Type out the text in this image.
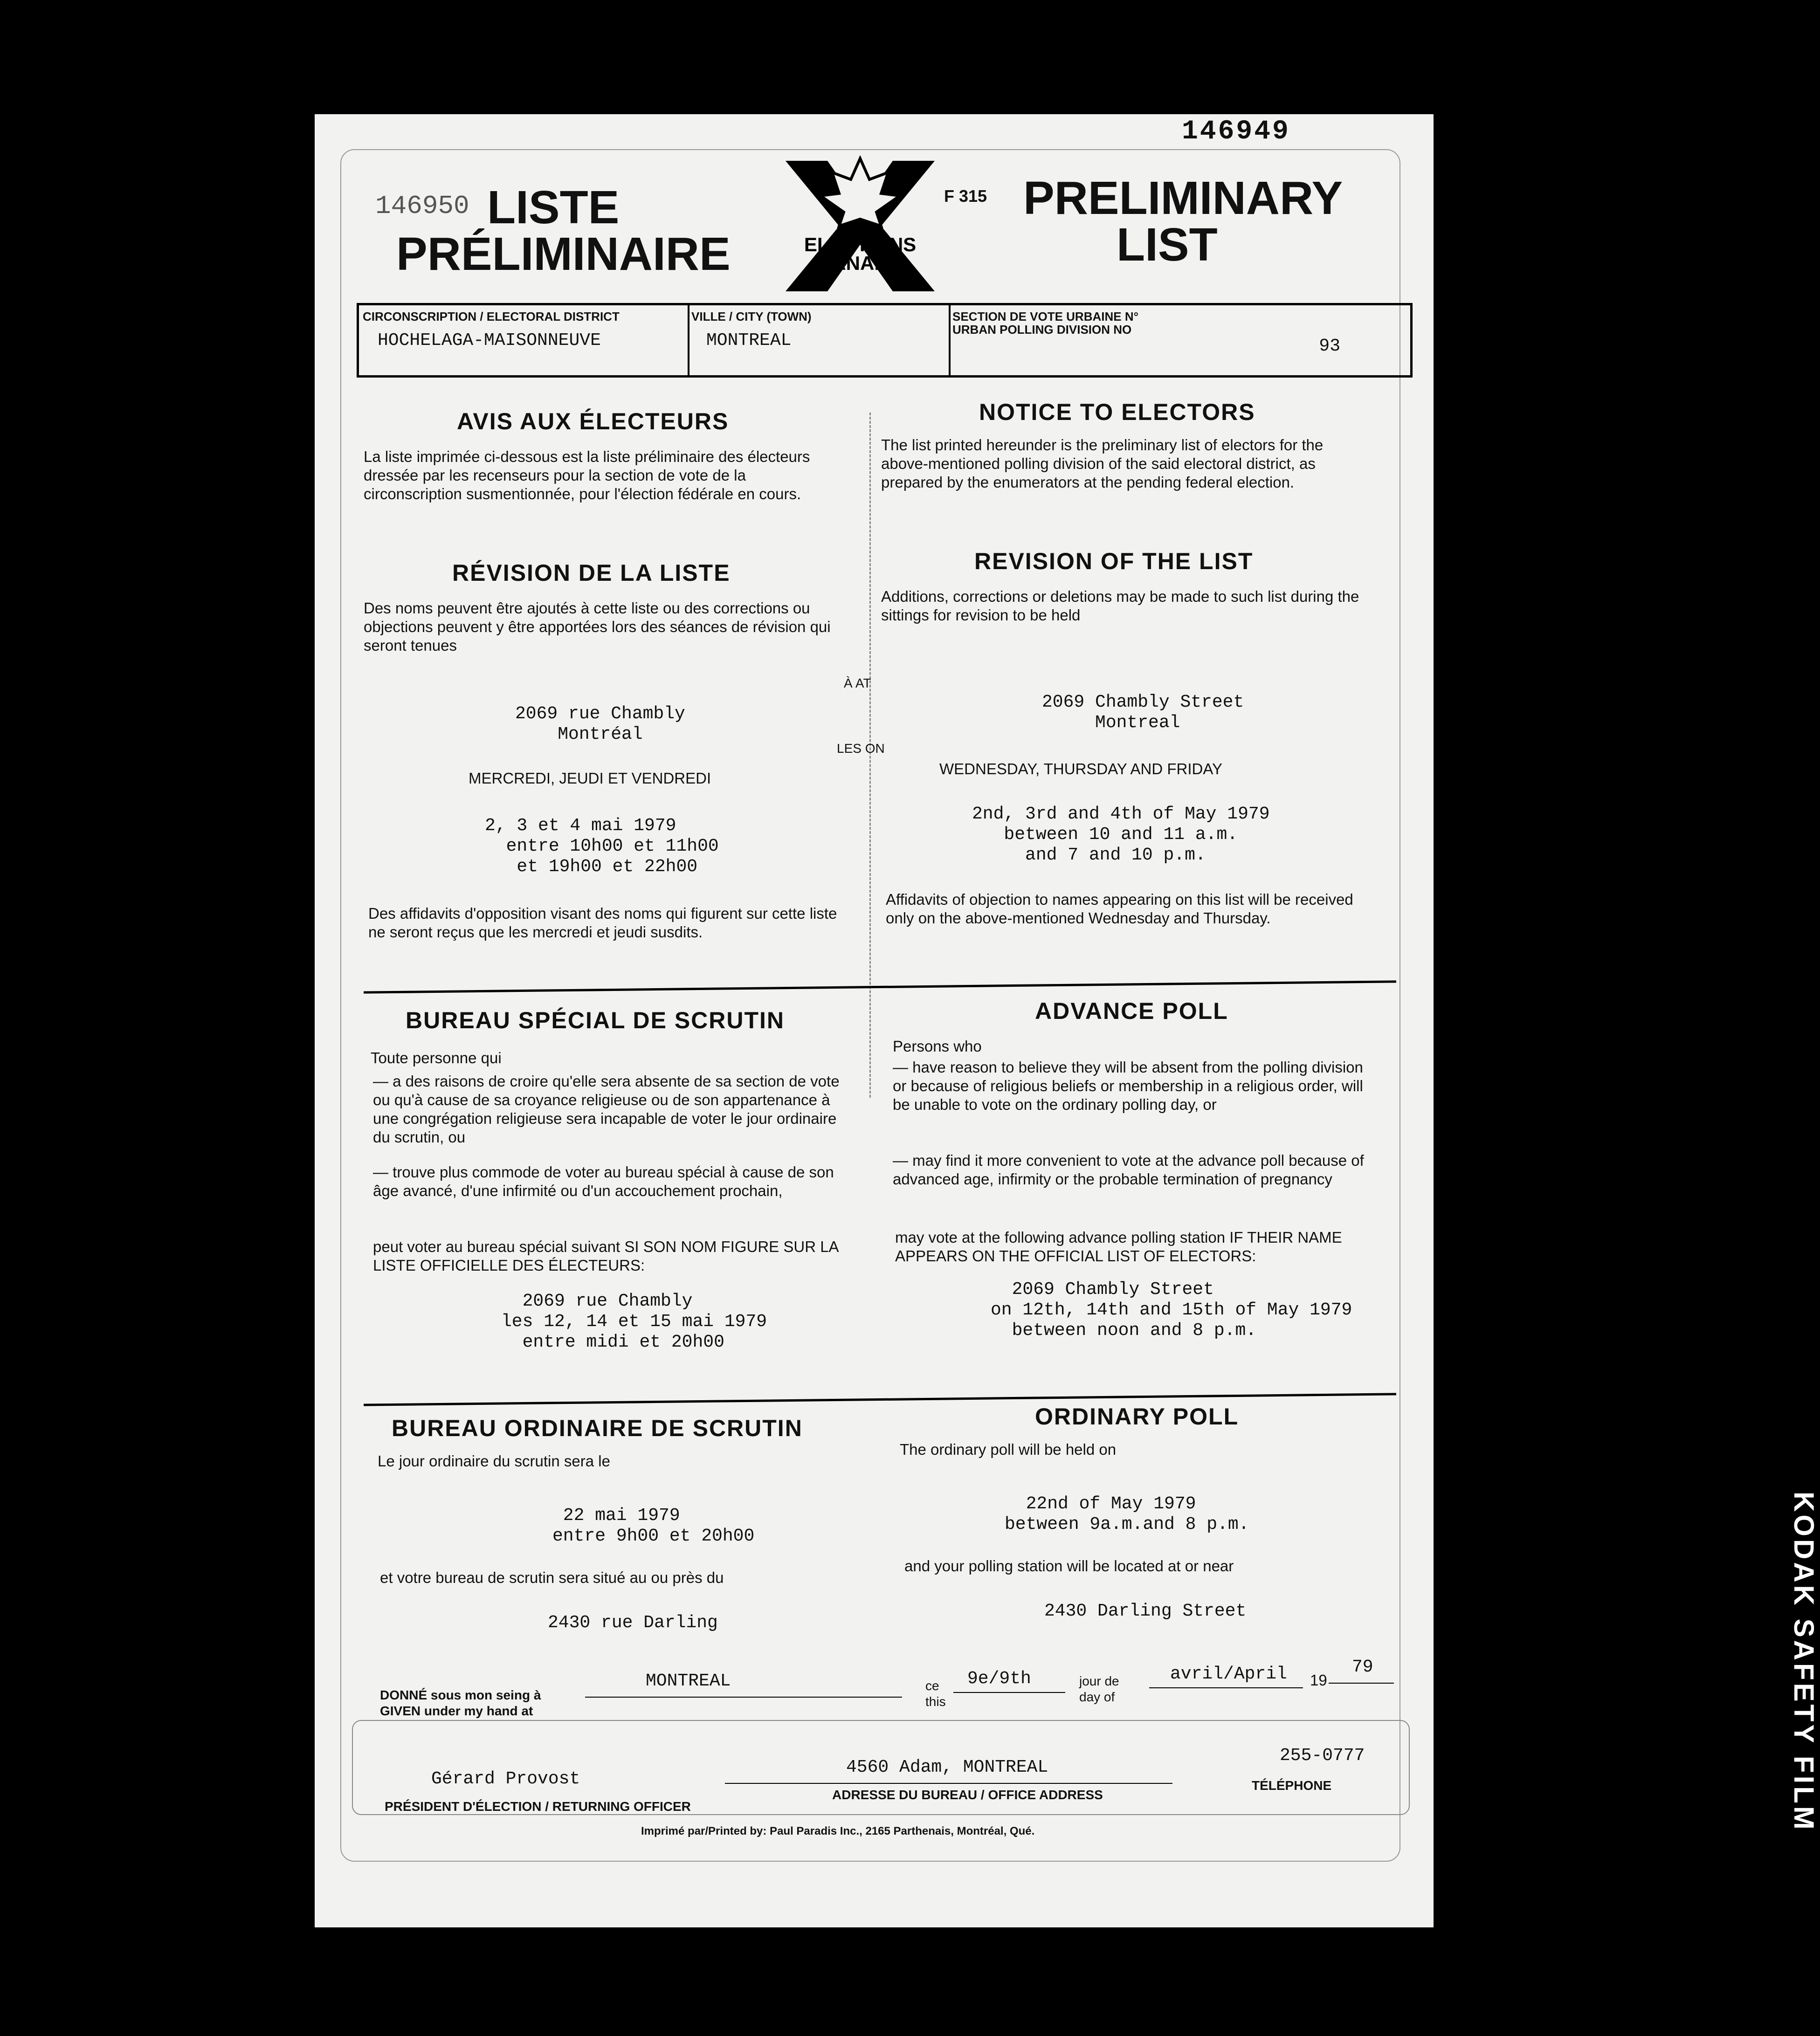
KODAK SAFETY FILM
146949
146950 LISTE
PRÉLIMINAIRE	ELECTIONS
CANADA
F 315 PRELIMINARY
LIST
CIRCONSCRIPTION / ELECTORAL DISTRICT
HOCHELAGA-MAISONNEUVE
VILLE / CITY (TOWN)
MONTREAL
SECTION DE VOTE URBAINE N°
URBAN POLLING DIVISION NO
93
AVIS AUX ÉLECTEURS	NOTICE TO ELECTORS
La liste imprimée ci-dessous est la liste préliminaire des électeurs dressée par les recenseurs pour la section de vote de la circonscription susmentionnée, pour l'élection fédérale en cours.
The list printed hereunder is the preliminary list of electors for the above-mentioned polling division of the said electoral district, as prepared by the enumerators at the pending federal election.
RÉVISION DE LA LISTE	REVISION OF THE LIST
Des noms peuvent être ajoutés à cette liste ou des corrections ou objections peuvent y être apportées lors des séances de révision qui seront tenues
Additions, corrections or deletions may be made to such list during the sittings for revision to be held
À AT
LES ON
2069 rue Chambly
Montréal
2069 Chambly Street
Montreal
MERCREDI, JEUDI ET VENDREDI
WEDNESDAY, THURSDAY AND FRIDAY
2, 3 et 4 mai 1979
entre 10h00 et 11h00
et 19h00 et 22h00
2nd, 3rd and 4th of May 1979
between 10 and 11 a.m.
and 7 and 10 p.m.
Des affidavits d'opposition visant des noms qui figurent sur cette liste ne seront reçus que les mercredi et jeudi susdits.
Affidavits of objection to names appearing on this list will be received only on the above-mentioned Wednesday and Thursday.
BUREAU SPÉCIAL DE SCRUTIN	ADVANCE POLL
Toute personne qui
Persons who
— a des raisons de croire qu'elle sera absente de sa section de vote ou qu'à cause de sa croyance religieuse ou de son appartenance à une congrégation religieuse sera incapable de voter le jour ordinaire du scrutin, ou
— trouve plus commode de voter au bureau spécial à cause de son âge avancé, d'une infirmité ou d'un accouchement prochain,
— have reason to believe they will be absent from the polling division or because of religious beliefs or membership in a religious order, will be unable to vote on the ordinary polling day, or
— may find it more convenient to vote at the advance poll because of advanced age, infirmity or the probable termination of pregnancy
peut voter au bureau spécial suivant SI SON NOM FIGURE SUR LA LISTE OFFICIELLE DES ÉLECTEURS:
may vote at the following advance polling station IF THEIR NAME APPEARS ON THE OFFICIAL LIST OF ELECTORS:
2069 rue Chambly
les 12, 14 et 15 mai 1979
entre midi et 20h00
2069 Chambly Street
on 12th, 14th and 15th of May 1979
between noon and 8 p.m.
BUREAU ORDINAIRE DE SCRUTIN	ORDINARY POLL
Le jour ordinaire du scrutin sera le
The ordinary poll will be held on
22 mai 1979
entre 9h00 et 20h00
22nd of May 1979
between 9a.m.and 8 p.m.
et votre bureau de scrutin sera situé au ou près du
and your polling station will be located at or near
2430 rue Darling
2430 Darling Street
DONNÉ sous mon seing à
GIVEN under my hand at
MONTREAL	ce
this
9e/9th	jour de
day of
avril/April 19
79
Gérard Provost
PRÉSIDENT D'ÉLECTION / RETURNING OFFICER
4560 Adam, MONTREAL
ADRESSE DU BUREAU / OFFICE ADDRESS
255-0777
TÉLÉPHONE
Imprimé par/Printed by: Paul Paradis Inc., 2165 Parthenais, Montréal, Qué.
